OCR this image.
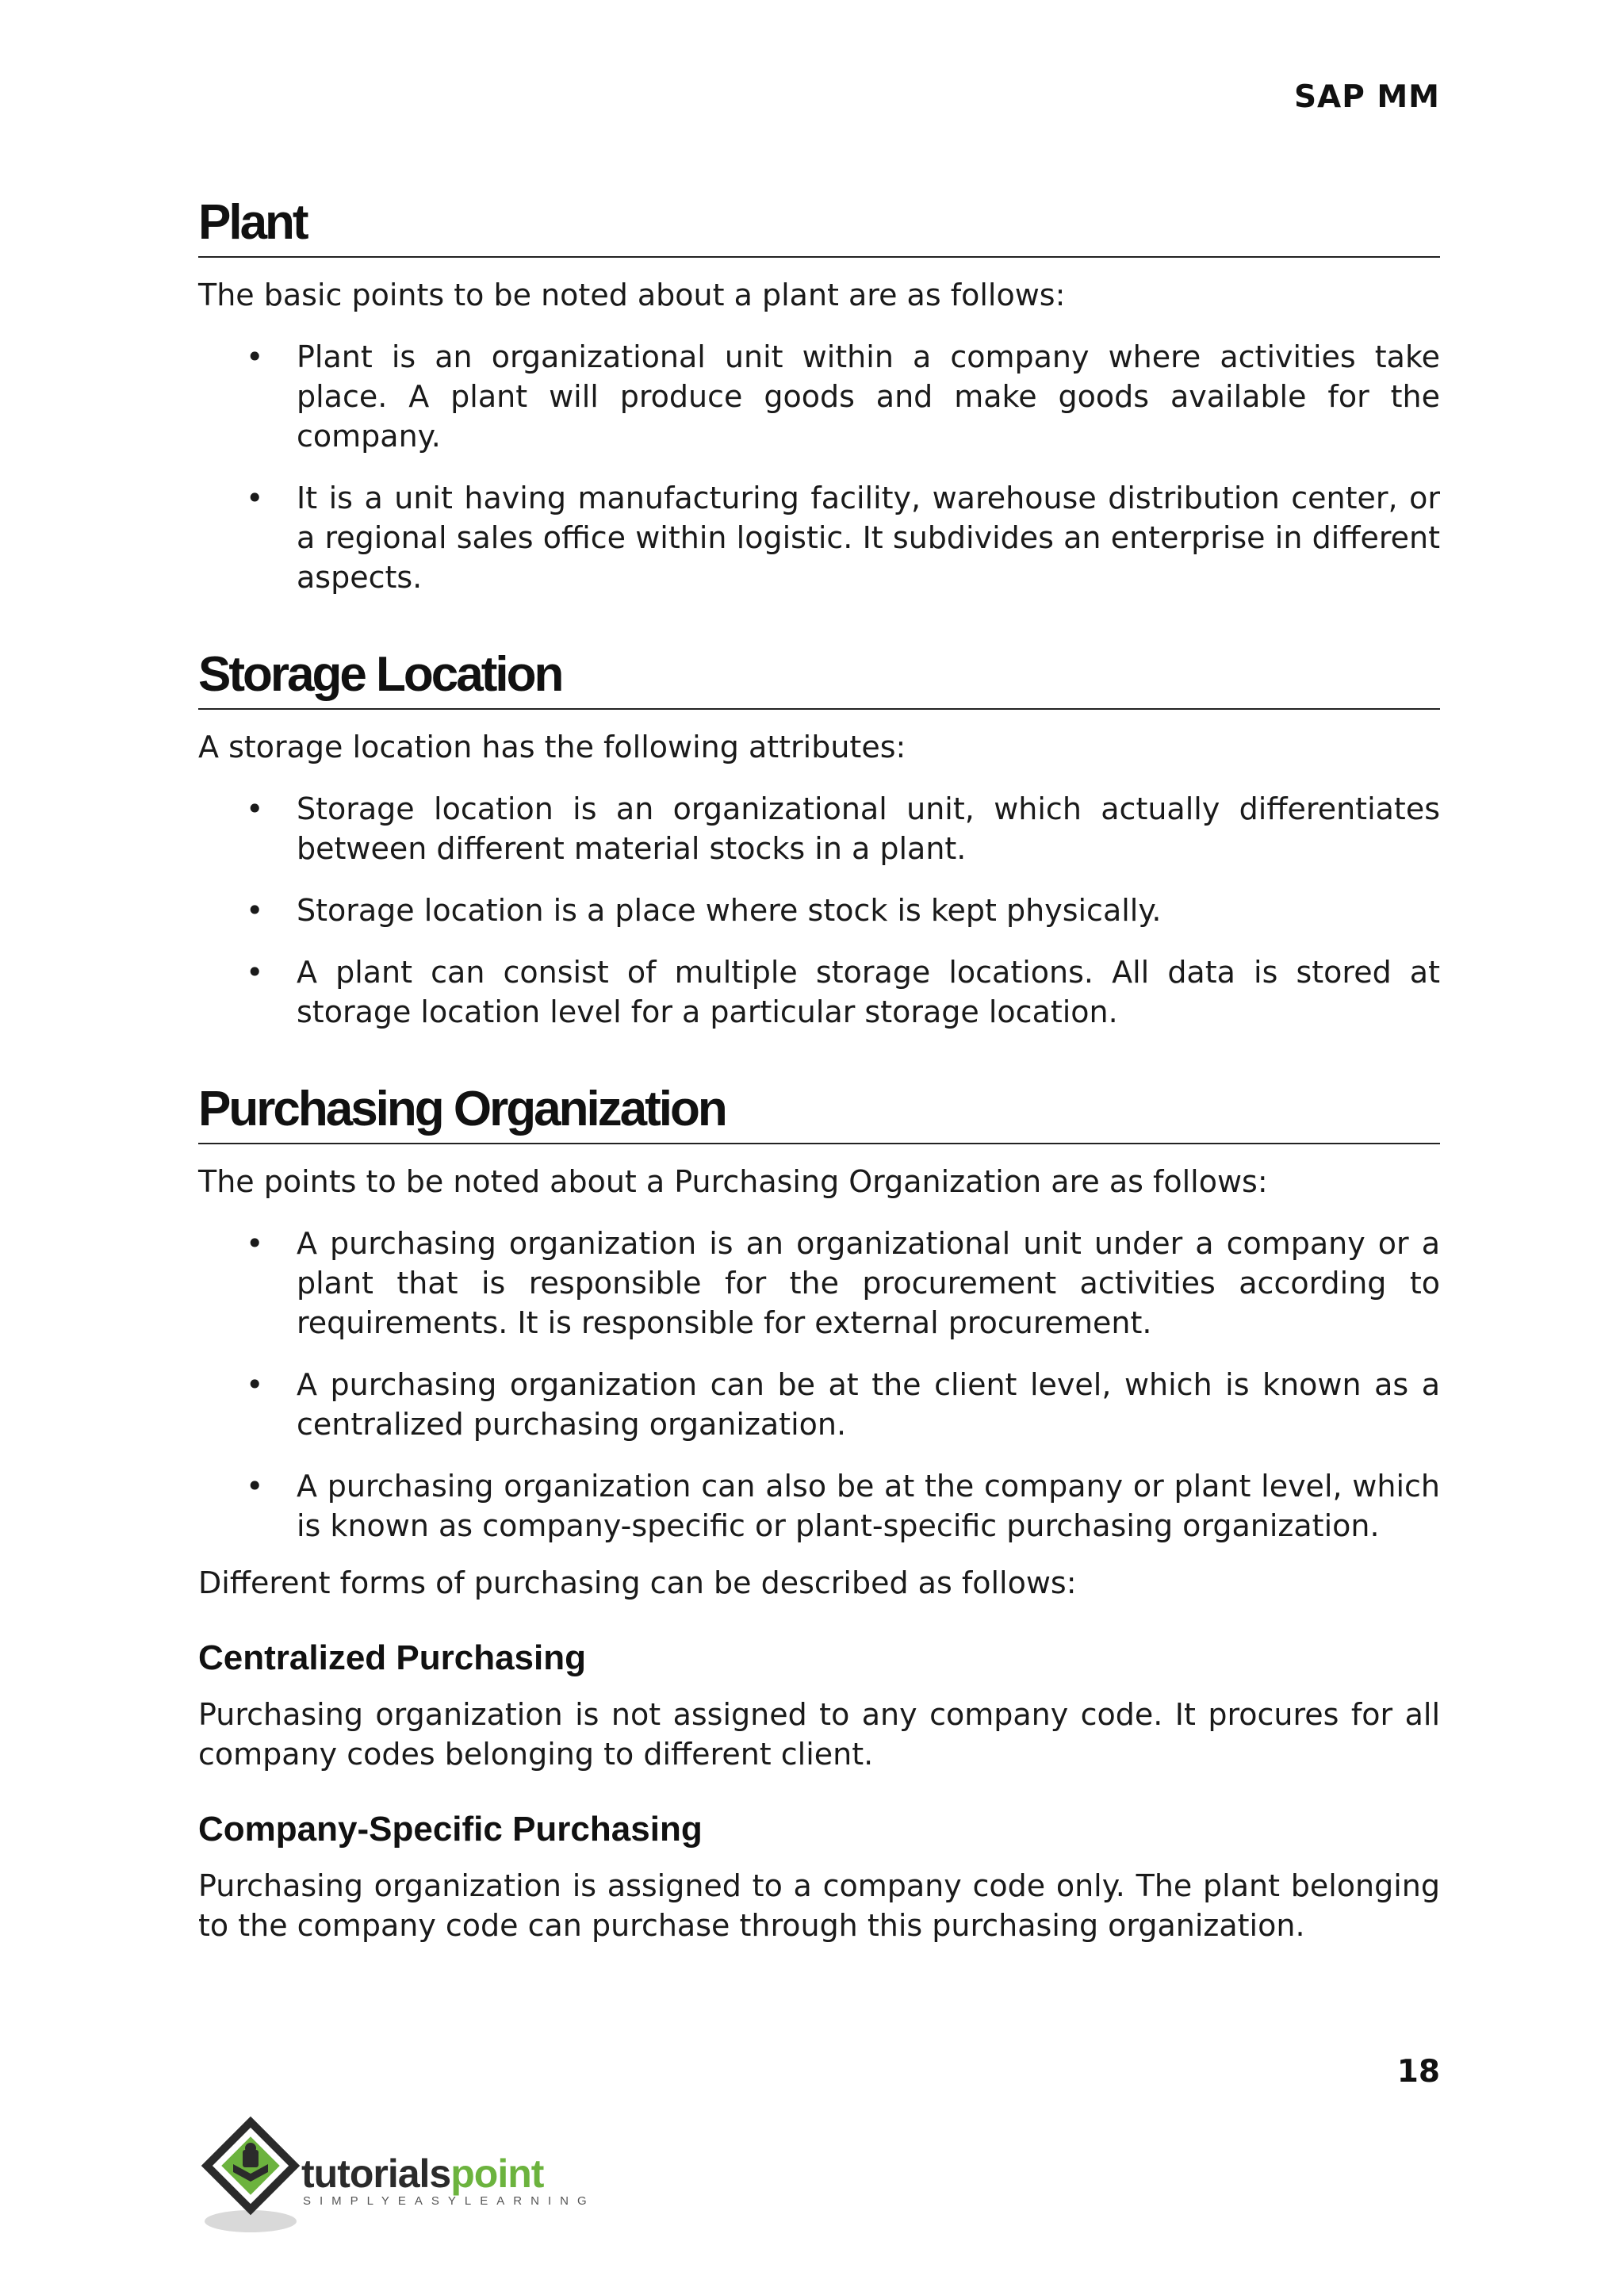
SAP MM
Plant

The basic points to be noted about a plant are as follows:

• Plant is an organizational unit within a company where activities take place. A plant will produce goods and make goods available for the company.
• It is a unit having manufacturing facility, warehouse distribution center, or a regional sales office within logistic. It subdivides an enterprise in different aspects.
Storage Location

A storage location has the following attributes:

• Storage location is an organizational unit, which actually differentiates between different material stocks in a plant.
• Storage location is a place where stock is kept physically.
• A plant can consist of multiple storage locations. All data is stored at storage location level for a particular storage location.
Purchasing Organization

The points to be noted about a Purchasing Organization are as follows:

• A purchasing organization is an organizational unit under a company or a plant that is responsible for the procurement activities according to requirements. It is responsible for external procurement.
• A purchasing organization can be at the client level, which is known as a centralized purchasing organization.
• A purchasing organization can also be at the company or plant level, which is known as company-specific or plant-specific purchasing organization.

Different forms of purchasing can be described as follows:

Centralized Purchasing

Purchasing organization is not assigned to any company code. It procures for all company codes belonging to different client.

Company-Specific Purchasing

Purchasing organization is assigned to a company code only. The plant belonging to the company code can purchase through this purchasing organization.

18
tutorialspoint
SIMPLYEASYLEARNING
